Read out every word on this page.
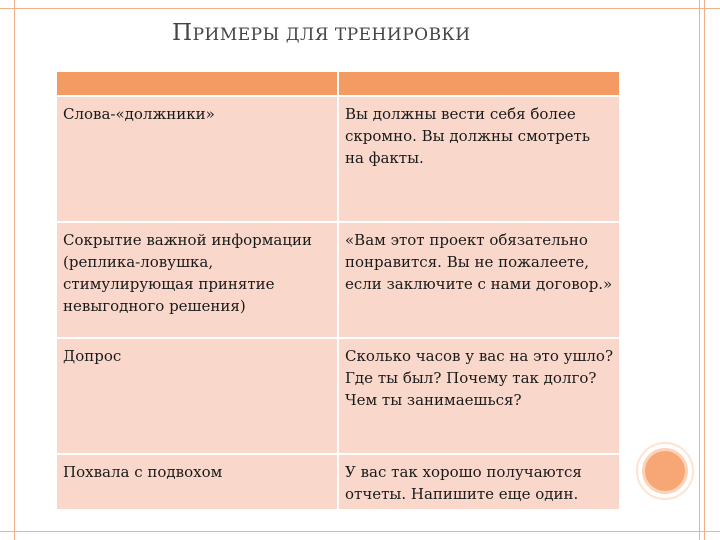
ПРИМЕРЫ ДЛЯ ТРЕНИРОВКИ

Слова-«должники»	Вы должны вести себя более скромно. Вы должны смотреть на факты.
Сокрытие важной информации (реплика-ловушка, стимулирующая принятие невыгодного решения)	«Вам этот проект обязательно понравится. Вы не пожалеете, если заключите с нами договор.»
Допрос	Сколько часов у вас на это ушло? Где ты был? Почему так долго? Чем ты занимаешься?
Похвала с подвохом	У вас так хорошо получаются отчеты. Напишите еще один.
